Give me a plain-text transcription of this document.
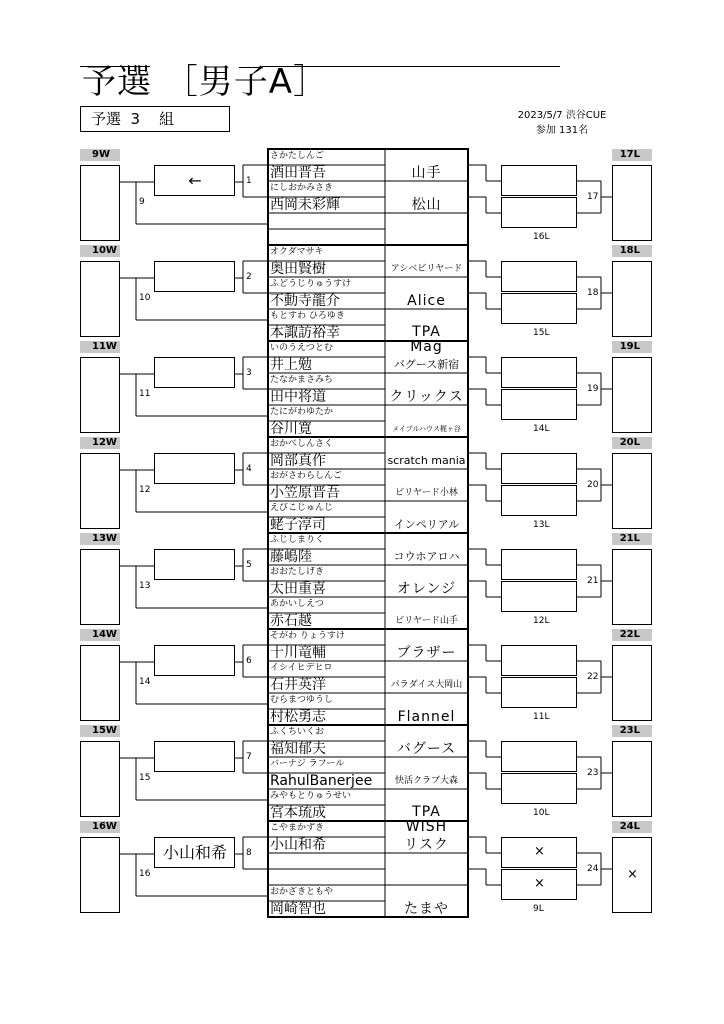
予選 ［男子A］
予選  3    組	2023/5/7 渋谷CUE
参加 131名
9W	17L
←	1
9
さかたしんご
酒田晋吾	山手
にしおかみさき
西岡未彩輝	松山	17
16L
10W	18L
2
10
オクダマサキ
奥田賢樹	アシベビリヤード
ふどうじりゅうすけ
不動寺龍介	Alice
もとすわ ひろゆき
本諏訪裕幸	TPA
Mag
18
15L
11W	19L
3
11
いのうえつとむ
井上勉	バグース新宿
たなかまさみち
田中将道	クリックス
たにがわゆたか
谷川寛	メイプルハウス梶ヶ谷
19
14L
12W	20L
4
12
おかべしんさく
岡部真作	scratch mania
おがさわらしんご
小笠原晋吾	ビリヤード小林
えびこじゅんじ
蛯子淳司	インペリアル
20
13L
13W	21L
5
13
ふじしまりく
藤嶋陸	コウホアロハ
おおたしげき
太田重喜	オレンジ
あかいしえつ
赤石越	ビリヤード山手
21
12L
14W	22L
6
14
そがわ りょうすけ
十川竜輔	ブラザー
イシイヒデヒロ
石井英洋	パラダイス大岡山
むらまつゆうし
村松勇志	Flannel
22
11L
15W	23L
7
15
ふくちいくお
福知郁夫	バグース
バーナジ ラフール
RahulBanerjee	快活クラブ大森
みやもとりゅうせい
宮本琉成	TPA
WISH
23
10L
16W	24L
小山和希	8
16
こやまかずき
小山和希	リスク
おかざきともや
岡崎智也	たまや
×
×
×
24
9L
